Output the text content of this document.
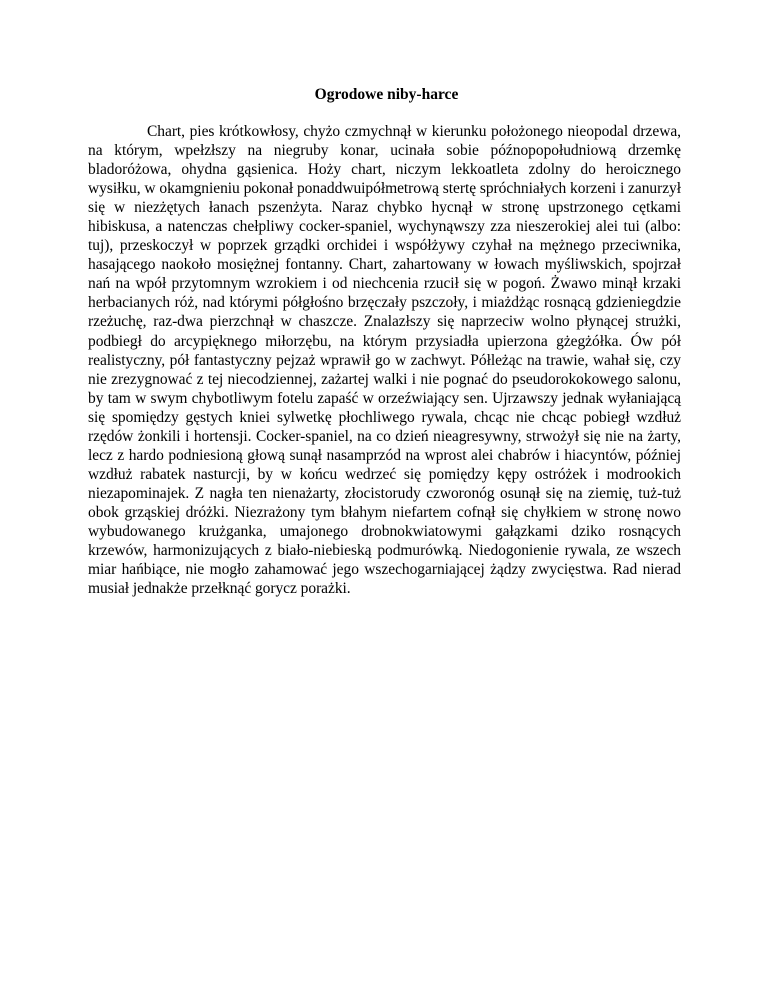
Ogrodowe niby-harce

Chart, pies krótkowłosy, chyżo czmychnął w kierunku położonego nieopodal drzewa, na którym, wpełzłszy na niegruby konar, ucinała sobie późnopopołudniową drzemkę bladoróżowa, ohydna gąsienica. Hoży chart, niczym lekkoatleta zdolny do heroicznego wysiłku, w okamgnieniu pokonał ponaddwuipółmetrową stertę spróchniałych korzeni i zanurzył się w niezżętych łanach pszenżyta. Naraz chybko hycnął w stronę upstrzonego cętkami hibiskusa, a natenczas chełpliwy cocker-spaniel, wychynąwszy zza nieszerokiej alei tui (albo: tuj), przeskoczył w poprzek grządki orchidei i współżywy czyhał na mężnego przeciwnika, hasającego naokoło mosiężnej fontanny. Chart, zahartowany w łowach myśliwskich, spojrzał nań na wpół przytomnym wzrokiem i od niechcenia rzucił się w pogoń. Żwawo minął krzaki herbacianych róż, nad którymi półgłośno brzęczały pszczoły, i miażdżąc rosnącą gdzieniegdzie rzeżuchę, raz-dwa pierzchnął w chaszcze. Znalazłszy się naprzeciw wolno płynącej strużki, podbiegł do arcypięknego miłorzębu, na którym przysiadła upierzona gżegżółka. Ów pół realistyczny, pół fantastyczny pejzaż wprawił go w zachwyt. Półleżąc na trawie, wahał się, czy nie zrezygnować z tej niecodziennej, zażartej walki i nie pognać do pseudorokokowego salonu, by tam w swym chybotliwym fotelu zapaść w orzeźwiający sen. Ujrzawszy jednak wyłaniającą się spomiędzy gęstych kniei sylwetkę płochliwego rywala, chcąc nie chcąc pobiegł wzdłuż rzędów żonkili i hortensji. Cocker-spaniel, na co dzień nieagresywny, strwożył się nie na żarty, lecz z hardo podniesioną głową sunął nasamprzód na wprost alei chabrów i hiacyntów, później wzdłuż rabatek nasturcji, by w końcu wedrzeć się pomiędzy kępy ostróżek i modrookich niezapominajek. Z nagła ten nienażarty, złocistorudy czworonóg osunął się na ziemię, tuż-tuż obok grząskiej dróżki. Niezrażony tym błahym niefartem cofnął się chyłkiem w stronę nowo wybudowanego krużganka, umajonego drobnokwiatowymi gałązkami dziko rosnących krzewów, harmonizujących z biało-niebieską podmurówką. Niedogonienie rywala, ze wszech miar hańbiące, nie mogło zahamować jego wszechogarniającej żądzy zwycięstwa. Rad nierad musiał jednakże przełknąć gorycz porażki.
